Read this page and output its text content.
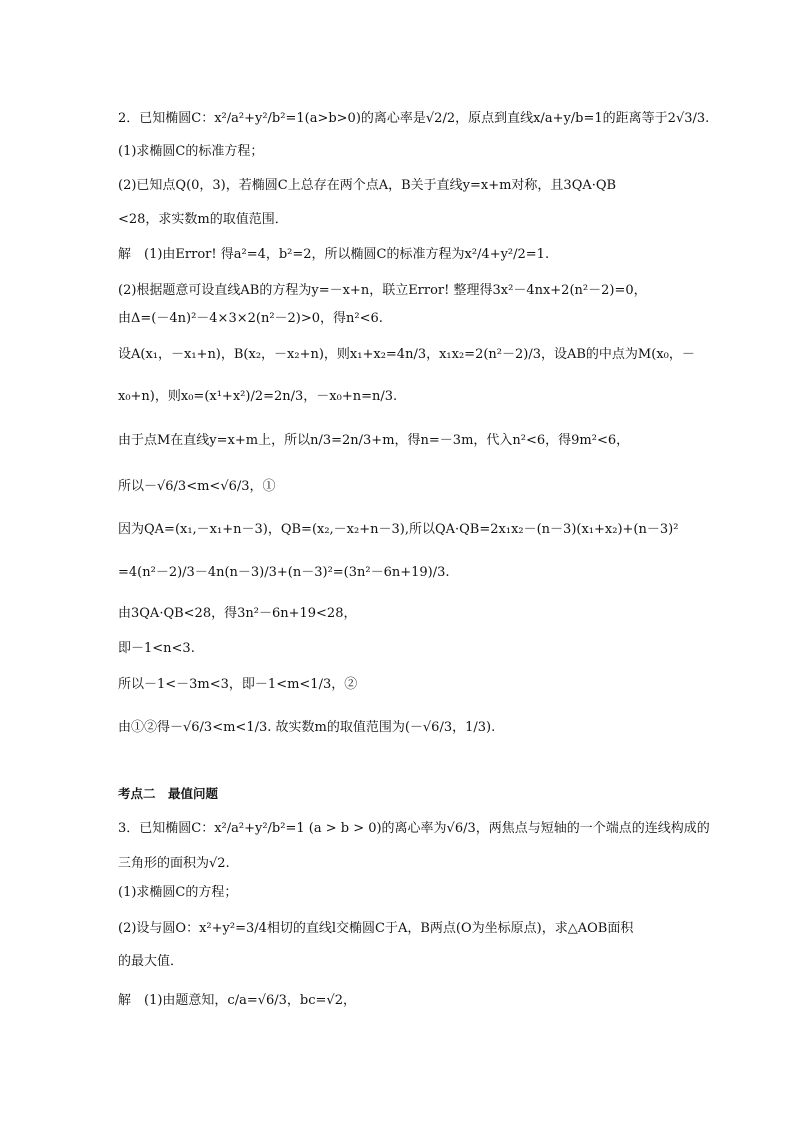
2．已知椭圆C：x²/a²+y²/b²=1(a>b>0)的离心率是√2/2，原点到直线x/a+y/b=1的距离等于2√3/3.
(1)求椭圆C的标准方程；
(2)已知点Q(0，3)，若椭圆C上总存在两个点A，B关于直线y=x+m对称，且3QA·QB
<28，求实数m的取值范围．
解　(1)由Error! 得a²=4，b²=2，所以椭圆C的标准方程为x²/4+y²/2=1.
(2)根据题意可设直线AB的方程为y=－x+n，联立Error! 整理得3x²－4nx+2(n²－2)=0，
由Δ=(－4n)²－4×3×2(n²－2)>0，得n²<6.
设A(x₁，－x₁+n)，B(x₂，－x₂+n)，则x₁+x₂=4n/3，x₁x₂=2(n²－2)/3，设AB的中点为M(x₀，－
x₀+n)，则x₀=(x¹+x²)/2=2n/3，－x₀+n=n/3.
由于点M在直线y=x+m上，所以n/3=2n/3+m，得n=－3m，代入n²<6，得9m²<6，
所以－√6/3<m<√6/3，①
因为QA=(x₁,－x₁+n－3)，QB=(x₂,－x₂+n－3),所以QA·QB=2x₁x₂－(n－3)(x₁+x₂)+(n－3)²
=4(n²－2)/3－4n(n－3)/3+(n－3)²=(3n²－6n+19)/3.
由3QA·QB<28，得3n²－6n+19<28，
即－1<n<3.
所以－1<－3m<3，即－1<m<1/3，②
由①②得－√6/3<m<1/3. 故实数m的取值范围为(－√6/3，1/3).
考点二　最值问题
3．已知椭圆C：x²/a²+y²/b²=1 (a > b > 0)的离心率为√6/3，两焦点与短轴的一个端点的连线构成的
三角形的面积为√2.
(1)求椭圆C的方程；
(2)设与圆O：x²+y²=3/4相切的直线l交椭圆C于A，B两点(O为坐标原点)，求△AOB面积
的最大值．
解　(1)由题意知，c/a=√6/3，bc=√2，
